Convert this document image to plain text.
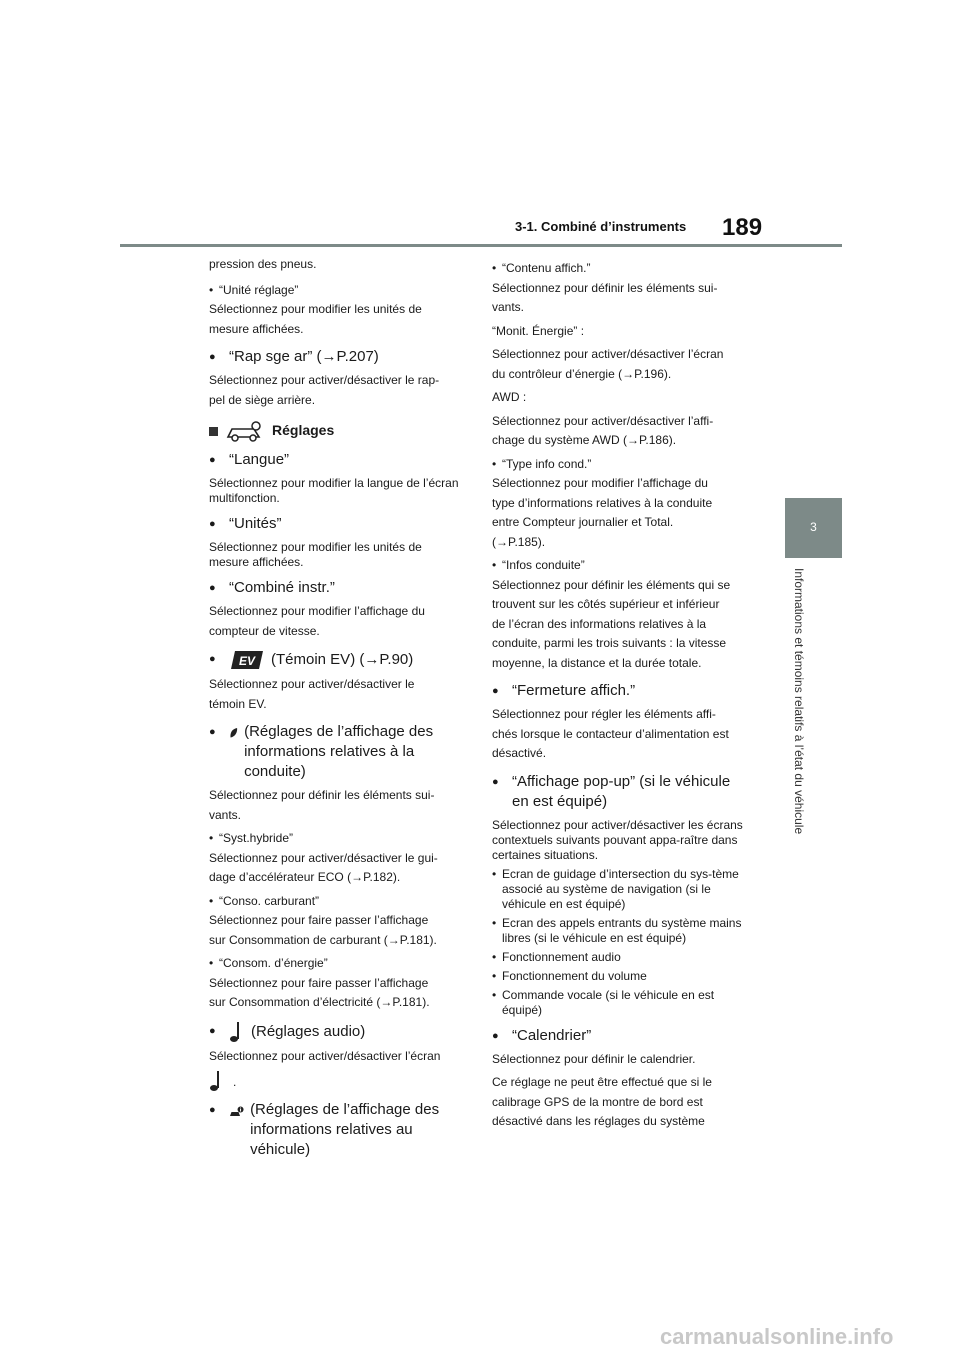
189
3-1. Combiné d’instruments
3
Informations et témoins relatifs à l’état du véhicule

pression des pneus.

• “Unité réglage”

Sélectionnez pour modifier les unités de

mesure affichées.

● “Rap sge ar” (→P.207)

Sélectionnez pour activer/désactiver le rap-

pel de siège arrière.

Réglages

● “Langue”

Sélectionnez pour modifier la langue de l’écran multifonction.

● “Unités”

Sélectionnez pour modifier les unités de mesure affichées.

● “Combiné instr.”

Sélectionnez pour modifier l’affichage du

compteur de vitesse.

● EV (Témoin EV) (→P.90)

Sélectionnez pour activer/désactiver le

témoin EV.

● (Réglages de l’affichage des informations relatives à la conduite)

Sélectionnez pour définir les éléments sui-

vants.

• “Syst.hybride”

Sélectionnez pour activer/désactiver le gui-

dage d’accélérateur ECO (→P.182).

• “Conso. carburant”

Sélectionnez pour faire passer l’affichage

sur Consommation de carburant (→P.181).

• “Consom. d’énergie”

Sélectionnez pour faire passer l’affichage

sur Consommation d’électricité (→P.181).

● (Réglages audio)

Sélectionnez pour activer/désactiver l’écran

.
● (Réglages de l’affichage des informations relatives au véhicule)

• “Contenu affich.”

Sélectionnez pour définir les éléments sui-

vants.

“Monit. Énergie” :

Sélectionnez pour activer/désactiver l’écran

du contrôleur d’énergie (→P.196).

AWD :

Sélectionnez pour activer/désactiver l’affi-

chage du système AWD (→P.186).

• “Type info cond.”

Sélectionnez pour modifier l’affichage du

type d’informations relatives à la conduite

entre Compteur journalier et Total.

(→P.185).

• “Infos conduite”

Sélectionnez pour définir les éléments qui se

trouvent sur les côtés supérieur et inférieur

de l’écran des informations relatives à la

conduite, parmi les trois suivants : la vitesse

moyenne, la distance et la durée totale.

● “Fermeture affich.”

Sélectionnez pour régler les éléments affi-

chés lorsque le contacteur d’alimentation est

désactivé.

● “Affichage pop-up” (si le véhicule en est équipé)

Sélectionnez pour activer/désactiver les écrans contextuels suivants pouvant appa-raître dans certaines situations.

• Ecran de guidage d’intersection du sys-tème associé au système de navigation (si le véhicule en est équipé)

• Ecran des appels entrants du système mains libres (si le véhicule en est équipé)

• Fonctionnement audio

• Fonctionnement du volume

• Commande vocale (si le véhicule en est équipé)

● “Calendrier”

Sélectionnez pour définir le calendrier.

Ce réglage ne peut être effectué que si le

calibrage GPS de la montre de bord est

désactivé dans les réglages du système

carmanualsonline.info
